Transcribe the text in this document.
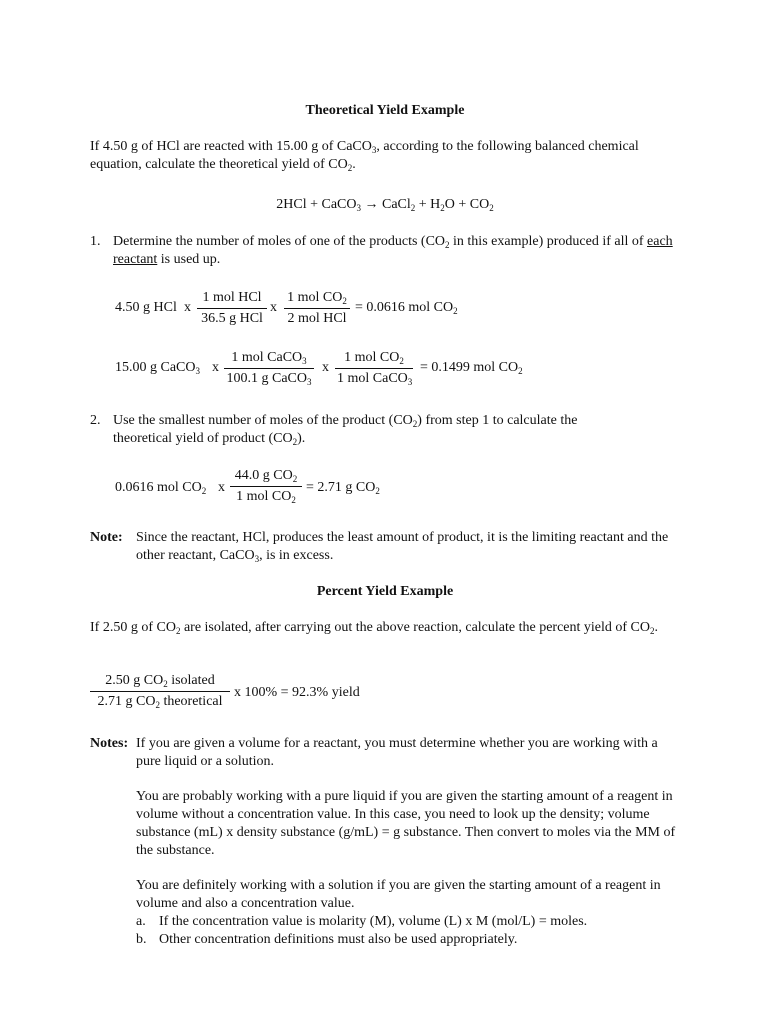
Theoretical Yield Example
If 4.50 g of HCl are reacted with 15.00 g of CaCO$_3$, according to the following balanced chemical equation, calculate the theoretical yield of $CO_2$.
2HCl + CaCO$_3$ → CaCl$_2$ + $H_2O + CO_2$
1. Determine the number of moles of one of the products ($CO_2$ in this example) produced if all of each reactant is used up.
4.50 g HCl x
1 mol HCl
36.5 g HCl
x
1 mol $CO_2$
2 mol HCl
= 0.0616 mol $CO_2$
15.00 g CaCO$_3$ x
1 mol CaCO$_3$
100.1 g CaCO$_3$
x
1 mol $CO_2$
1 mol CaCO$_3$
= 0.1499 mol $CO_2$
2. Use the smallest number of moles of the product $(CO_2)$ from step 1 to calculate the theoretical yield of product $(CO_2)$.
0.0616 mol $CO_2$ x
44.0 g $CO_2$
1 mol $CO_2$
= 2.71 g $CO_2$
Note: Since the reactant, HCl, produces the least amount of product, it is the limiting reactant and the other reactant, CaCO$_3$, is in excess.
Percent Yield Example
If 2.50 g of $CO_2$ are isolated, after carrying out the above reaction, calculate the percent yield of $CO_2$.
2.50 g $CO_2$ isolated
2.71 g $CO_2$ theoretical
x 100% = 92.3% yield
Notes: If you are given a volume for a reactant, you must determine whether you are working with a pure liquid or a solution.
You are probably working with a pure liquid if you are given the starting amount of a reagent in volume without a concentration value. In this case, you need to look up the density; volume substance (mL) x density substance (g/mL) = g substance. Then convert to moles via the MM of the substance.
You are definitely working with a solution if you are given the starting amount of a reagent in volume and also a concentration value.
a. If the concentration value is molarity (M), volume (L) x M (mol/L) = moles.
b. Other concentration definitions must also be used appropriately.
